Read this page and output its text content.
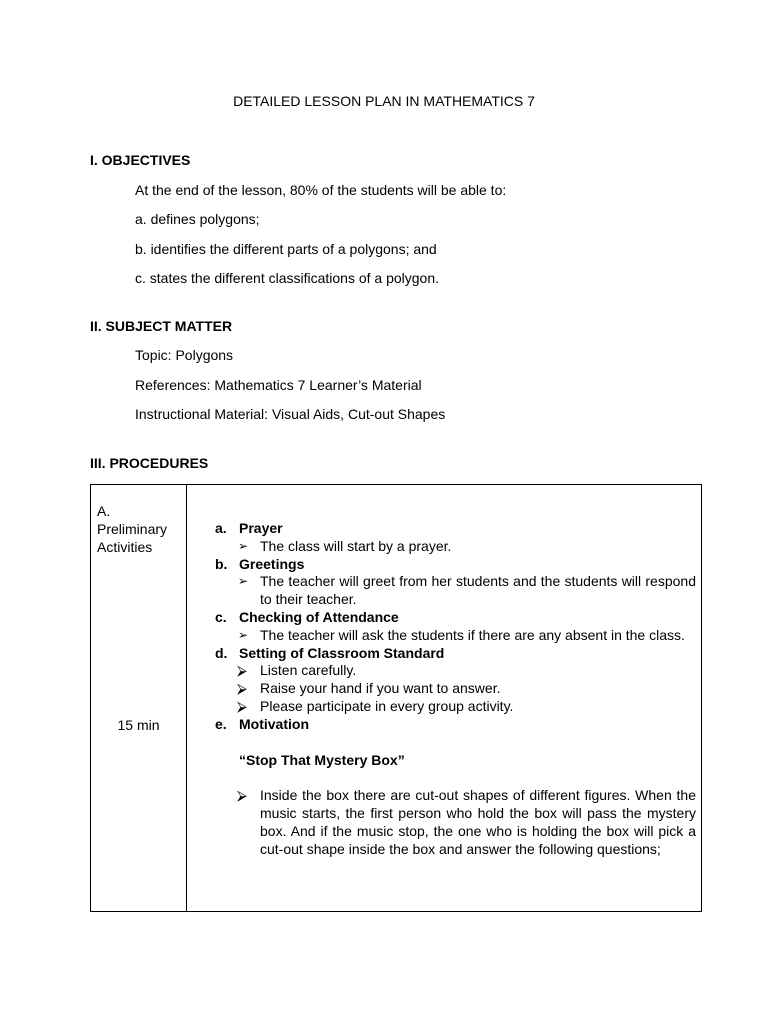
DETAILED LESSON PLAN IN MATHEMATICS 7
I. OBJECTIVES
At the end of the lesson, 80% of the students will be able to:
a. defines polygons;
b. identifies the different parts of a polygons; and
c. states the different classifications of a polygon.
II. SUBJECT MATTER
Topic: Polygons
References: Mathematics 7 Learner’s Material
Instructional Material: Visual Aids, Cut-out Shapes
III. PROCEDURES
A.
Preliminary
Activities
15 min
a. Prayer
➢ The class will start by a prayer.
b. Greetings
➢ The teacher will greet from her students and the students will respond to their teacher.
c. Checking of Attendance
➢ The teacher will ask the students if there are any absent in the class.
d. Setting of Classroom Standard
⮚ Listen carefully.
⮚ Raise your hand if you want to answer.
⮚ Please participate in every group activity.
e. Motivation
“Stop That Mystery Box”
⮚ Inside the box there are cut-out shapes of different figures. When the music starts, the first person who hold the box will pass the mystery box. And if the music stop, the one who is holding the box will pick a cut-out shape inside the box and answer the following questions;
